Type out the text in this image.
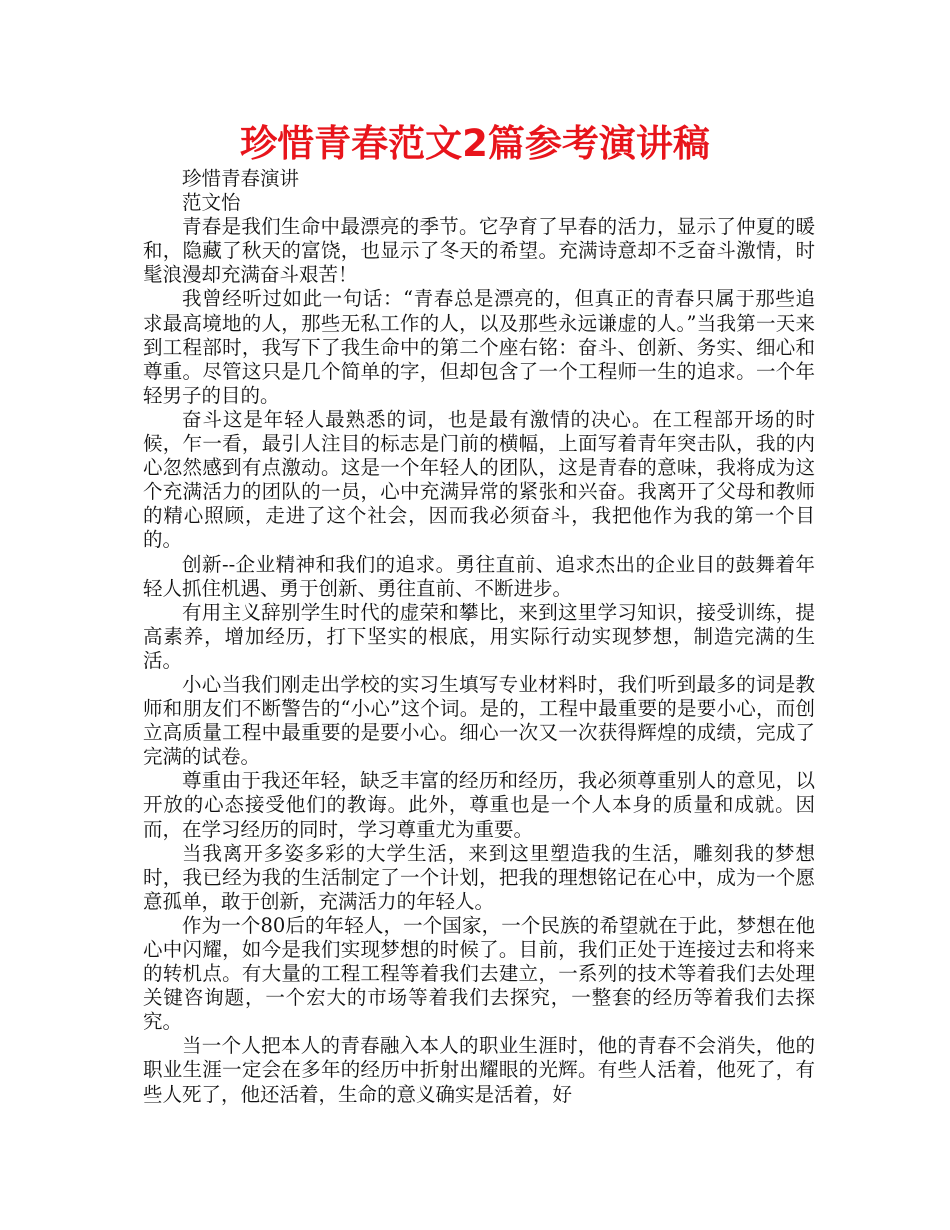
珍惜青春范文2篇参考演讲稿

珍惜青春演讲

范文怡

青春是我们生命中最漂亮的季节。它孕育了早春的活力，显示了仲夏的暖和，隐藏了秋天的富饶，也显示了冬天的希望。充满诗意却不乏奋斗激情，时髦浪漫却充满奋斗艰苦！

我曾经听过如此一句话：“青春总是漂亮的，但真正的青春只属于那些追求最高境地的人，那些无私工作的人，以及那些永远谦虚的人。”当我第一天来到工程部时，我写下了我生命中的第二个座右铭：奋斗、创新、务实、细心和尊重。尽管这只是几个简单的字，但却包含了一个工程师一生的追求。一个年轻男子的目的。

奋斗这是年轻人最熟悉的词，也是最有激情的决心。在工程部开场的时候，乍一看，最引人注目的标志是门前的横幅，上面写着青年突击队，我的内心忽然感到有点激动。这是一个年轻人的团队，这是青春的意味，我将成为这个充满活力的团队的一员，心中充满异常的紧张和兴奋。我离开了父母和教师的精心照顾，走进了这个社会，因而我必须奋斗，我把他作为我的第一个目的。

创新--企业精神和我们的追求。勇往直前、追求杰出的企业目的鼓舞着年轻人抓住机遇、勇于创新、勇往直前、不断进步。

有用主义辞别学生时代的虚荣和攀比，来到这里学习知识，接受训练，提高素养，增加经历，打下坚实的根底，用实际行动实现梦想，制造完满的生活。

小心当我们刚走出学校的实习生填写专业材料时，我们听到最多的词是教师和朋友们不断警告的“小心”这个词。是的，工程中最重要的是要小心，而创立高质量工程中最重要的是要小心。细心一次又一次获得辉煌的成绩，完成了完满的试卷。

尊重由于我还年轻，缺乏丰富的经历和经历，我必须尊重别人的意见，以开放的心态接受他们的教诲。此外，尊重也是一个人本身的质量和成就。因而，在学习经历的同时，学习尊重尤为重要。

当我离开多姿多彩的大学生活，来到这里塑造我的生活，雕刻我的梦想时，我已经为我的生活制定了一个计划，把我的理想铭记在心中，成为一个愿意孤单，敢于创新，充满活力的年轻人。

作为一个80后的年轻人，一个国家，一个民族的希望就在于此，梦想在他心中闪耀，如今是我们实现梦想的时候了。目前，我们正处于连接过去和将来的转机点。有大量的工程工程等着我们去建立，一系列的技术等着我们去处理关键咨询题，一个宏大的市场等着我们去探究，一整套的经历等着我们去探究。

当一个人把本人的青春融入本人的职业生涯时，他的青春不会消失，他的职业生涯一定会在多年的经历中折射出耀眼的光辉。有些人活着，他死了，有些人死了，他还活着，生命的意义确实是活着，好
